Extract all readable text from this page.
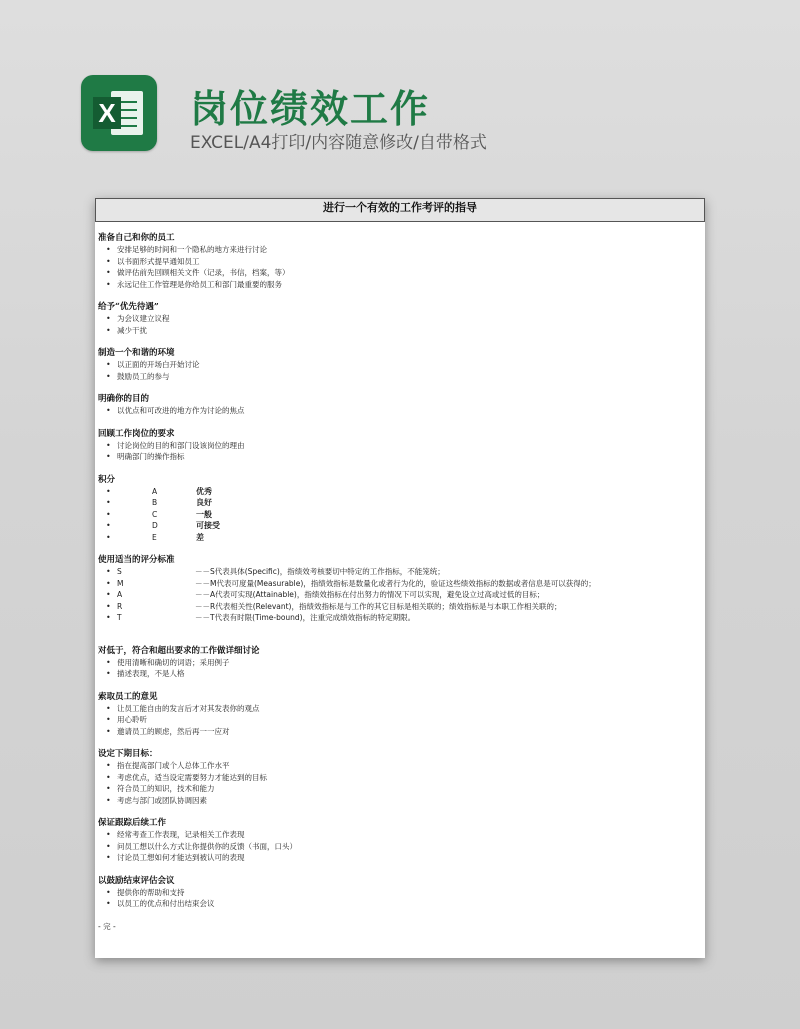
X 岗位绩效工作
EXCEL/A4打印/内容随意修改/自带格式
进行一个有效的工作考评的指导
准备自己和你的员工
• 安排足够的时间和一个隐私的地方来进行讨论
• 以书面形式提早通知员工
• 做评估前先回顾相关文件（记录，书信，档案，等）
• 永远记住工作管理是你给员工和部门最重要的服务
给予“优先待遇”
• 为会议建立议程
• 减少干扰
制造一个和谐的环境
• 以正面的开场白开始讨论
• 鼓励员工的参与
明确你的目的
• 以优点和可改进的地方作为讨论的焦点
回顾工作岗位的要求
• 讨论岗位的目的和部门设该岗位的理由
• 明确部门的操作指标
积分
•	A	优秀
•	B	良好
•	C	一般
•	D	可接受
•	E	差
使用适当的评分标准
• S	－－S代表具体(Specific)，指绩效考核要切中特定的工作指标，不能笼统；
• M	－－M代表可度量(Measurable)，指绩效指标是数量化或者行为化的，验证这些绩效指标的数据或者信息是可以获得的；
• A	－－A代表可实现(Attainable)，指绩效指标在付出努力的情况下可以实现，避免设立过高或过低的目标；
• R	－－R代表相关性(Relevant)，指绩效指标是与工作的其它目标是相关联的；绩效指标是与本职工作相关联的；
• T	－－T代表有时限(Time-bound)，注重完成绩效指标的特定期限。
对低于，符合和超出要求的工作做详细讨论
• 使用清晰和确切的词语；采用例子
• 描述表现，不是人格
索取员工的意见
• 让员工能自由的发言后才对其发表你的观点
• 用心聆听
• 邀请员工的顾虑，然后再一一应对
设定下期目标：
• 指在提高部门或个人总体工作水平
• 考虑优点，适当设定需要努力才能达到的目标
• 符合员工的知识，技术和能力
• 考虑与部门或团队协调因素
保证跟踪后续工作
• 经常考查工作表现，记录相关工作表现
• 问员工想以什么方式让你提供你的反馈（书面，口头）
• 讨论员工想如何才能达到被认可的表现
以鼓励结束评估会议
• 提供你的帮助和支持
• 以员工的优点和付出结束会议
- 完 -
